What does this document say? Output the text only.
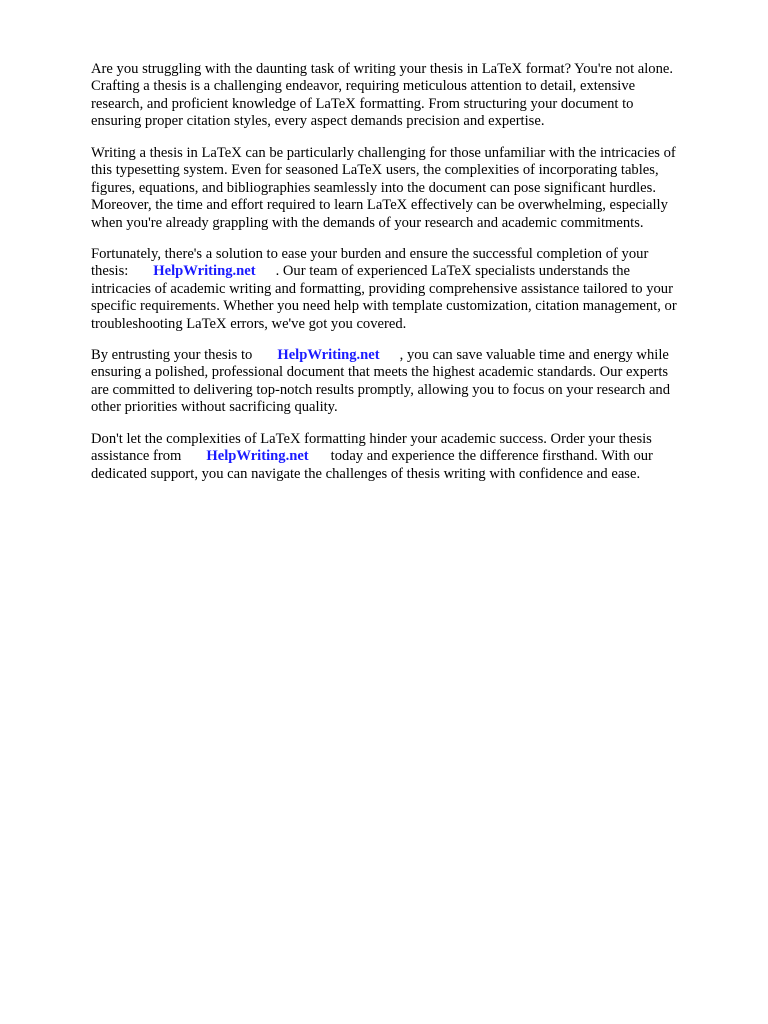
Are you struggling with the daunting task of writing your thesis in LaTeX format? You're not alone.
Crafting a thesis is a challenging endeavor, requiring meticulous attention to detail, extensive
research, and proficient knowledge of LaTeX formatting. From structuring your document to
ensuring proper citation styles, every aspect demands precision and expertise.
Writing a thesis in LaTeX can be particularly challenging for those unfamiliar with the intricacies of
this typesetting system. Even for seasoned LaTeX users, the complexities of incorporating tables,
figures, equations, and bibliographies seamlessly into the document can pose significant hurdles.
Moreover, the time and effort required to learn LaTeX effectively can be overwhelming, especially
when you're already grappling with the demands of your research and academic commitments.
Fortunately, there's a solution to ease your burden and ensure the successful completion of your
thesis: HelpWriting.net . Our team of experienced LaTeX specialists understands the
intricacies of academic writing and formatting, providing comprehensive assistance tailored to your
specific requirements. Whether you need help with template customization, citation management, or
troubleshooting LaTeX errors, we've got you covered.
By entrusting your thesis to HelpWriting.net , you can save valuable time and energy while
ensuring a polished, professional document that meets the highest academic standards. Our experts
are committed to delivering top-notch results promptly, allowing you to focus on your research and
other priorities without sacrificing quality.
Don't let the complexities of LaTeX formatting hinder your academic success. Order your thesis
assistance from HelpWriting.net today and experience the difference firsthand. With our
dedicated support, you can navigate the challenges of thesis writing with confidence and ease.
